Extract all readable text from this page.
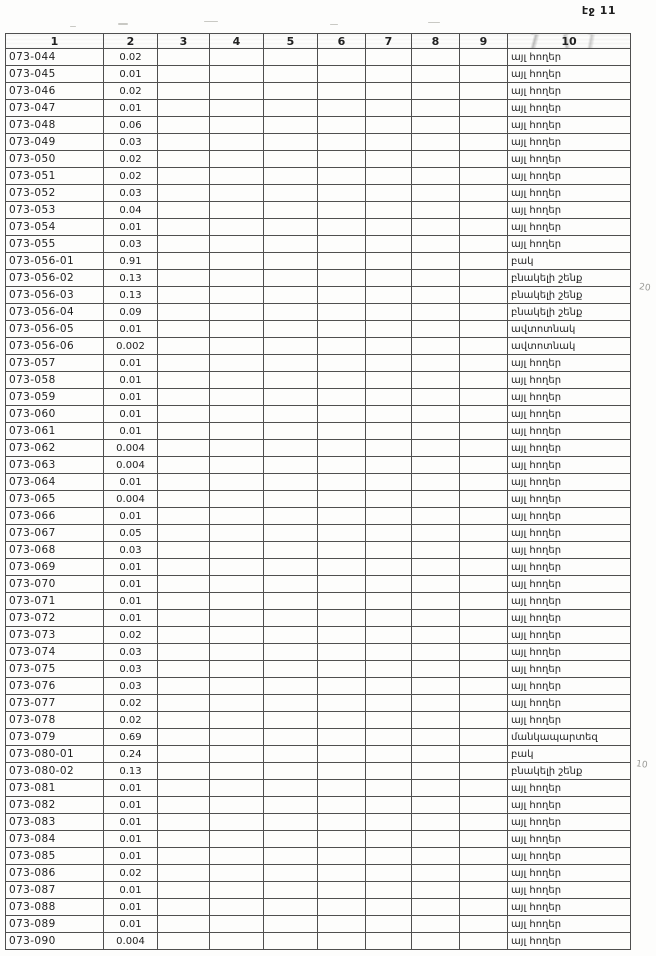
էջ 11
1	2	3	4	5	6	7	8	9	10
073-044	0.02								այլ հողեր
073-045	0.01								այլ հողեր
073-046	0.02								այլ հողեր
073-047	0.01								այլ հողեր
073-048	0.06								այլ հողեր
073-049	0.03								այլ հողեր
073-050	0.02								այլ հողեր
073-051	0.02								այլ հողեր
073-052	0.03								այլ հողեր
073-053	0.04								այլ հողեր
073-054	0.01								այլ հողեր
073-055	0.03								այլ հողեր
073-056-01	0.91								բակ
073-056-02	0.13								բնակելի շենք
073-056-03	0.13								բնակելի շենք
073-056-04	0.09								բնակելի շենք
073-056-05	0.01								ավտոտնակ
073-056-06	0.002								ավտոտնակ
073-057	0.01								այլ հողեր
073-058	0.01								այլ հողեր
073-059	0.01								այլ հողեր
073-060	0.01								այլ հողեր
073-061	0.01								այլ հողեր
073-062	0.004								այլ հողեր
073-063	0.004								այլ հողեր
073-064	0.01								այլ հողեր
073-065	0.004								այլ հողեր
073-066	0.01								այլ հողեր
073-067	0.05								այլ հողեր
073-068	0.03								այլ հողեր
073-069	0.01								այլ հողեր
073-070	0.01								այլ հողեր
073-071	0.01								այլ հողեր
073-072	0.01								այլ հողեր
073-073	0.02								այլ հողեր
073-074	0.03								այլ հողեր
073-075	0.03								այլ հողեր
073-076	0.03								այլ հողեր
073-077	0.02								այլ հողեր
073-078	0.02								այլ հողեր
073-079	0.69								մանկապարտեզ
073-080-01	0.24								բակ
073-080-02	0.13								բնակելի շենք
073-081	0.01								այլ հողեր
073-082	0.01								այլ հողեր
073-083	0.01								այլ հողեր
073-084	0.01								այլ հողեր
073-085	0.01								այլ հողեր
073-086	0.02								այլ հողեր
073-087	0.01								այլ հողեր
073-088	0.01								այլ հողեր
073-089	0.01								այլ հողեր
073-090	0.004								այլ հողեր
20
10
